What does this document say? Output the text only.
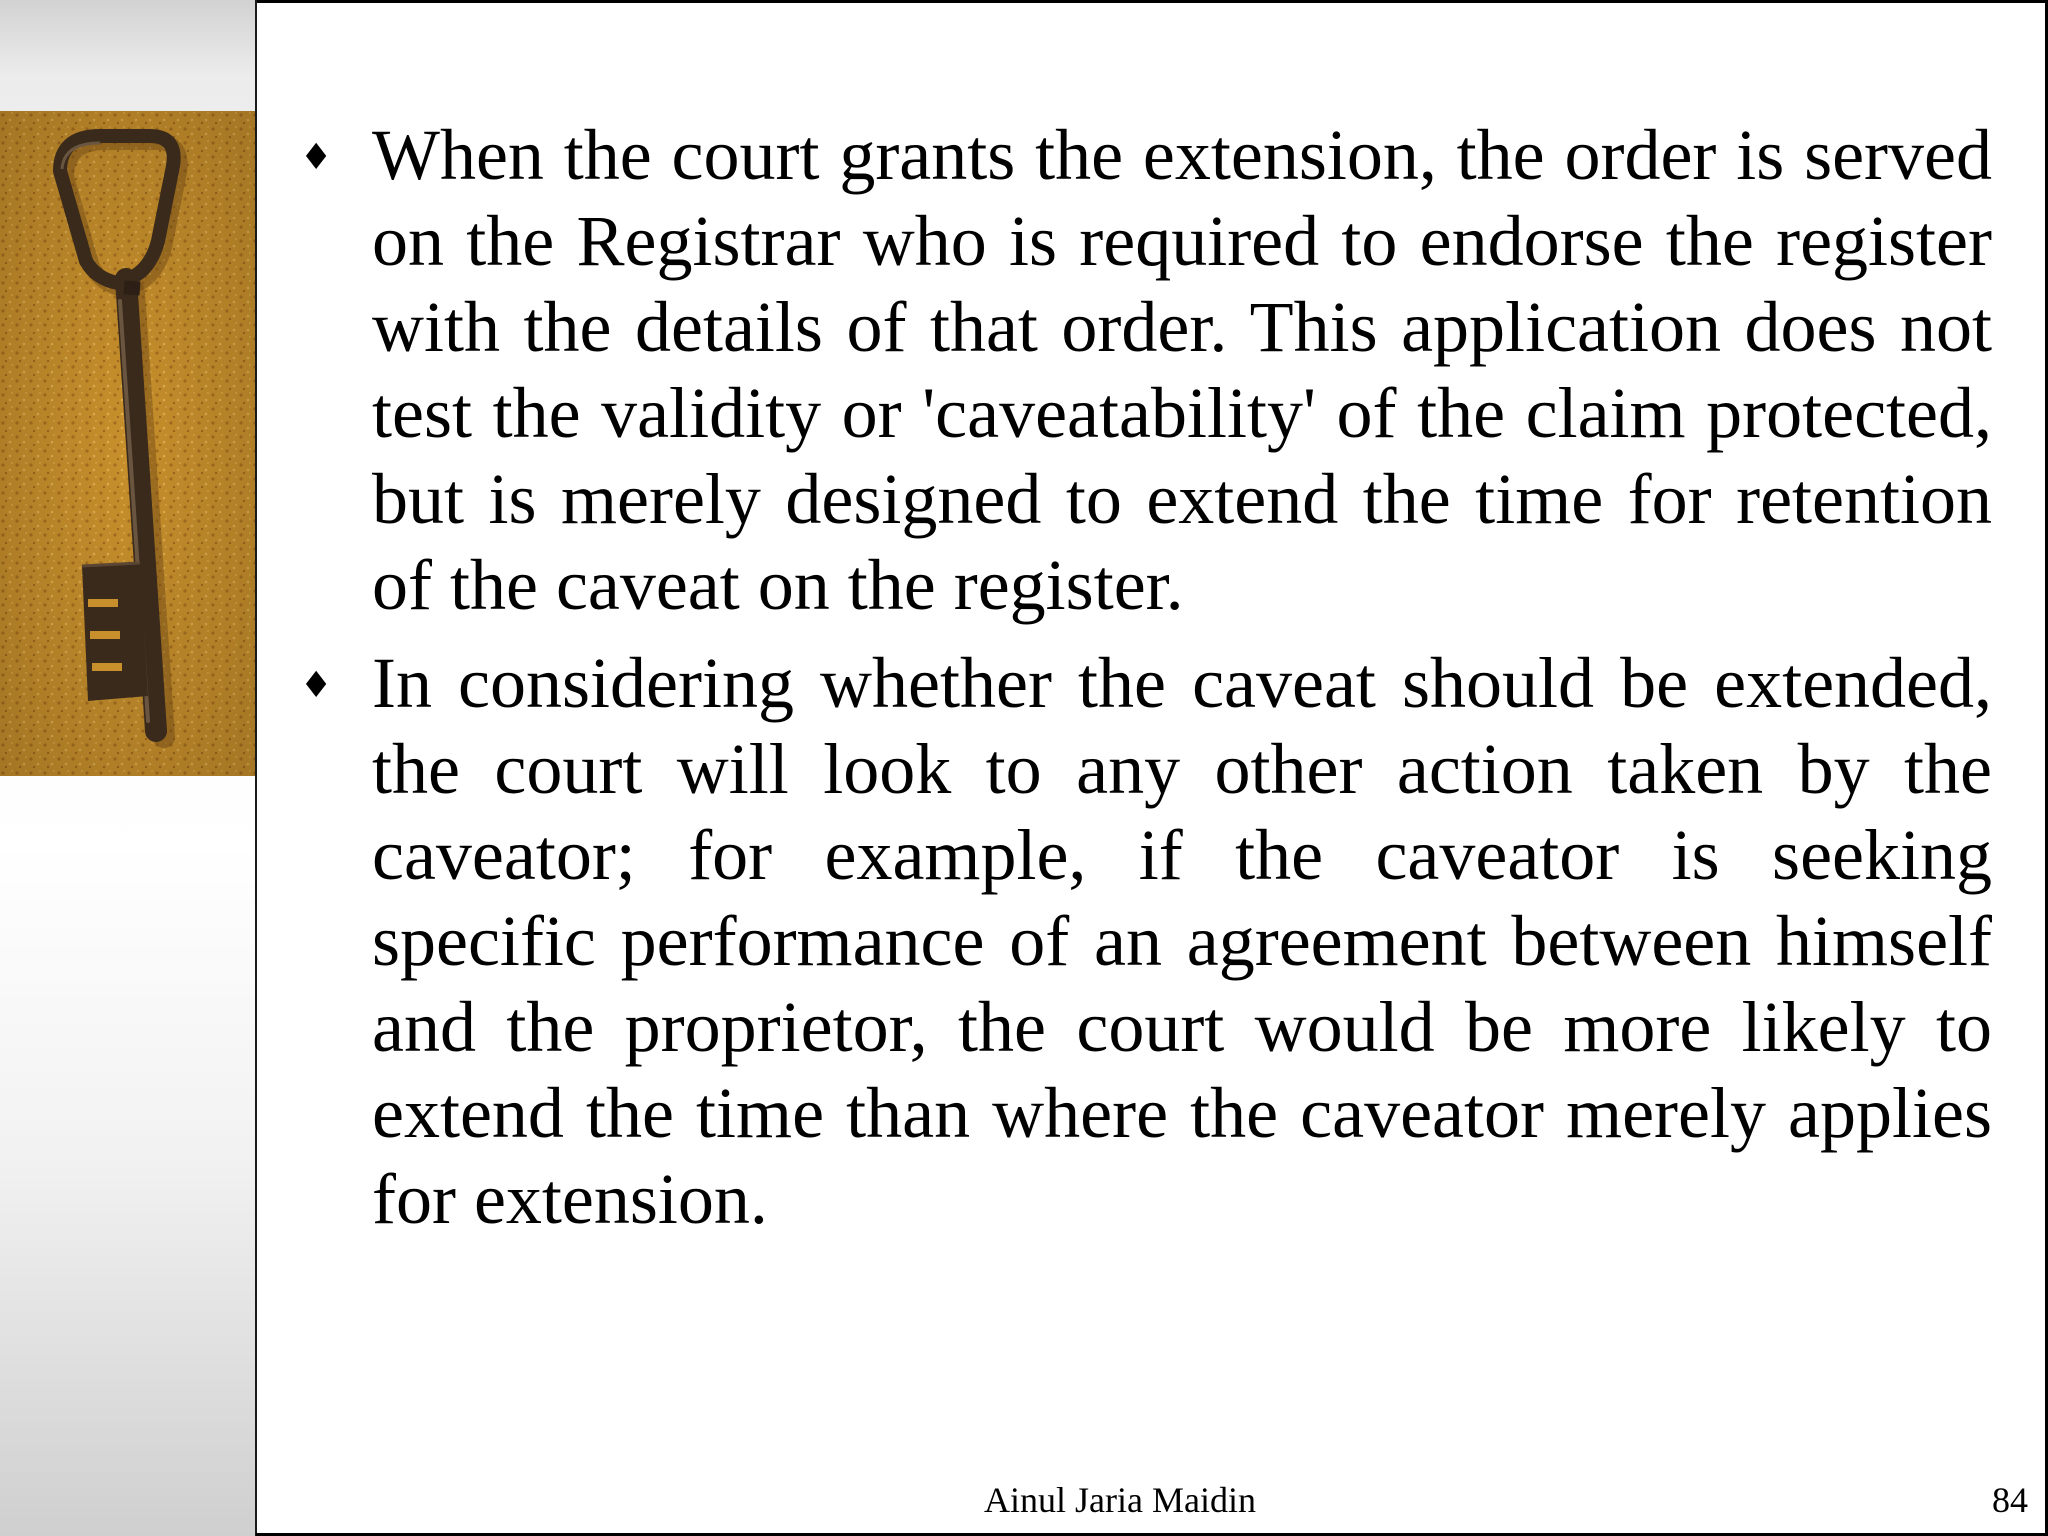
♦ When the court grants the extension, the order is served on the Registrar who is required to endorse the register with the details of that order. This application does not test the validity or 'caveatability' of the claim protected, but is merely designed to extend the time for retention of the caveat on the register.

♦ In considering whether the caveat should be extended, the court will look to any other action taken by the caveator; for example, if the caveator is seeking specific performance of an agreement between himself and the proprietor, the court would be more likely to extend the time than where the caveator merely applies for extension.

Ainul Jaria Maidin	84
